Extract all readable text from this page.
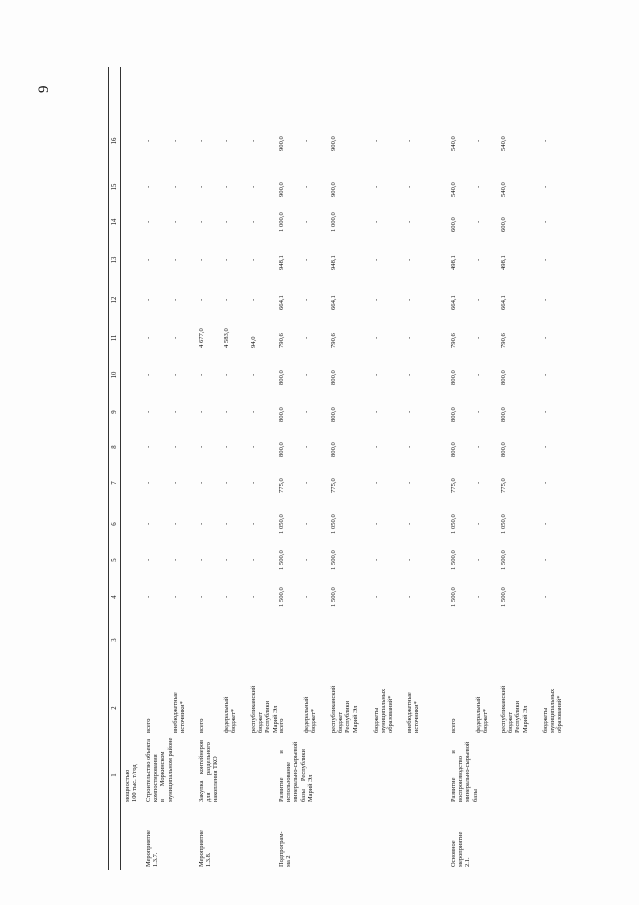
9
1
2
3
4
5
6
7
8
9
10
11
12
13
14
15
16
мощностью
100 тыс. т/год
Мероприятие
1.3.7.
Строительство объекта
компостирования
в        Моркинском
муниципальном районе
всего
-
-
-
-
-
-
-
-
-
-
-
-
-
внебюджетные
источники*
-
-
-
-
-
-
-
-
-
-
-
-
-
Мероприятие
1.3.8.
Закупка    контейнеров
для           раздельного
накопления ТКО
всего
-
-
-
-
-
-
-
4 677,0
-
-
-
-
-
федеральный
бюджет*
-
-
-
-
-
-
-
4 583,0
-
-
-
-
-
республиканский
бюджет
Республики
Марий Эл
-
-
-
-
-
-
-
94,0
-
-
-
-
-
Подпрограм-
ма 2
Развитие               и
использование
минерально-сырьевой
базы     Республики
Марий Эл
всего
1 500,0
1 500,0
1 050,0
775,0
800,0
800,0
800,0
790,6
664,1
948,1
1 000,0
900,0
900,0
федеральный
бюджет*
-
-
-
-
-
-
-
-
-
-
-
-
-
республиканский
бюджет
Республики
Марий Эл
1 500,0
1 500,0
1 050,0
775,0
800,0
800,0
800,0
790,6
664,1
948,1
1 000,0
900,0
900,0
бюджеты
муниципальных
образований*
-
-
-
-
-
-
-
-
-
-
-
-
-
внебюджетные
источники*
-
-
-
-
-
-
-
-
-
-
-
-
-
Основное
мероприятие
2.1.
Развитие               и
воспроизводство
минерально-сырьевой
базы
всего
1 500,0
1 500,0
1 050,0
775,0
800,0
800,0
800,0
790,6
664,1
498,1
600,0
540,0
540,0
федеральный
бюджет*
-
-
-
-
-
-
-
-
-
-
-
-
-
республиканский
бюджет
Республики
Марий Эл
1 500,0
1 500,0
1 050,0
775,0
800,0
800,0
800,0
790,6
664,1
498,1
600,0
540,0
540,0
бюджеты
муниципальных
образований*
-
-
-
-
-
-
-
-
-
-
-
-
-
